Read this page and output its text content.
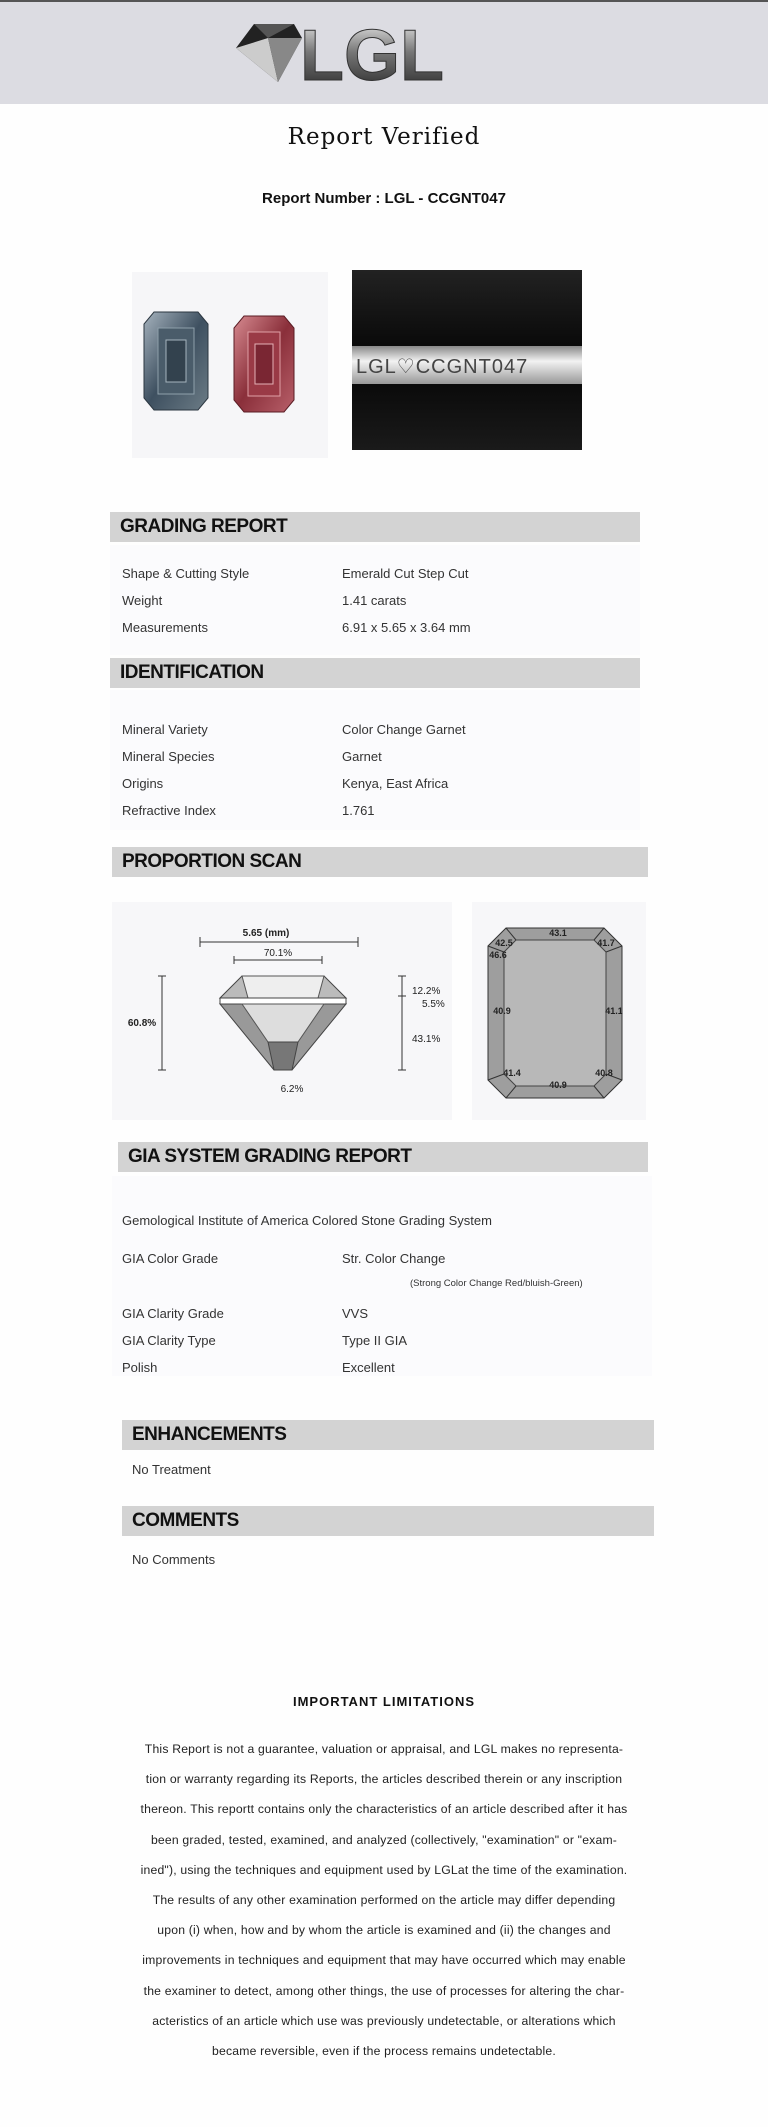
LGL
Report Verified
Report Number : LGL - CCGNT047
LGL♡CCGNT047
GRADING REPORT
Shape & Cutting Style	Emerald Cut Step Cut
Weight	1.41 carats
Measurements	6.91 x 5.65 x 3.64 mm
IDENTIFICATION
Mineral Variety	Color Change Garnet
Mineral Species	Garnet
Origins	Kenya, East Africa
Refractive Index	1.761
PROPORTION SCAN
5.65 (mm)
70.1%
60.8%
12.2%
5.5%
43.1%
6.2%
43.1
42.5	41.7
46.6
40.9	41.1
41.4
40.9
40.8
GIA SYSTEM GRADING REPORT
Gemological Institute of America Colored Stone Grading System
GIA Color Grade	Str. Color Change
(Strong Color Change Red/bluish-Green)
GIA Clarity Grade	VVS
GIA Clarity Type	Type II GIA
Polish	Excellent
ENHANCEMENTS
No Treatment
COMMENTS
No Comments
IMPORTANT LIMITATIONS
This Report is not a guarantee, valuation or appraisal, and LGL makes no representa-
tion or warranty regarding its Reports, the articles described therein or any inscription
thereon. This reportt contains only the characteristics of an article described after it has
been graded, tested, examined, and analyzed (collectively, "examination" or "exam-
ined"), using the techniques and equipment used by LGLat the time of the examination.
The results of any other examination performed on the article may differ depending
upon (i) when, how and by whom the article is examined and (ii) the changes and
improvements in techniques and equipment that may have occurred which may enable
the examiner to detect, among other things, the use of processes for altering the char-
acteristics of an article which use was previously undetectable, or alterations which
became reversible, even if the process remains undetectable.
